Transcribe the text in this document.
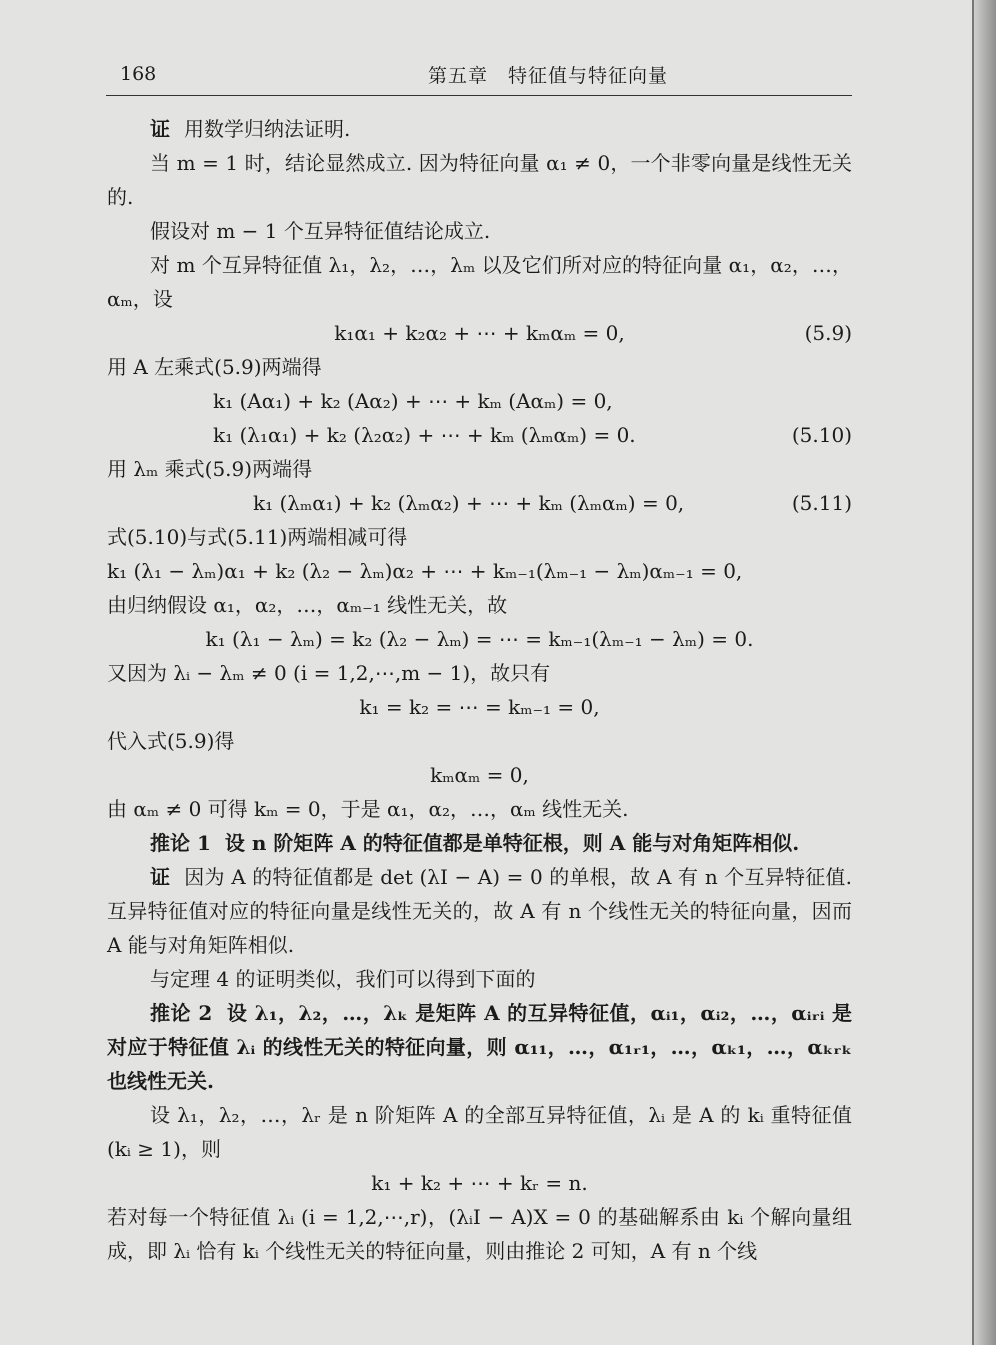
168	第五章　特征值与特征向量
证 用数学归纳法证明.
当 m = 1 时，结论显然成立. 因为特征向量 α₁ ≠ 0，一个非零向量是线性无关的.
假设对 m − 1 个互异特征值结论成立.
对 m 个互异特征值 λ₁，λ₂，…，λₘ 以及它们所对应的特征向量 α₁，α₂，…，αₘ，设
k₁α₁ + k₂α₂ + ⋯ + kₘαₘ = 0,	(5.9)
用 A 左乘式(5.9)两端得
k₁ (Aα₁) + k₂ (Aα₂) + ⋯ + kₘ (Aαₘ) = 0,
k₁ (λ₁α₁) + k₂ (λ₂α₂) + ⋯ + kₘ (λₘαₘ) = 0.	(5.10)
用 λₘ 乘式(5.9)两端得
k₁ (λₘα₁) + k₂ (λₘα₂) + ⋯ + kₘ (λₘαₘ) = 0,	(5.11)
式(5.10)与式(5.11)两端相减可得
k₁ (λ₁ − λₘ)α₁ + k₂ (λ₂ − λₘ)α₂ + ⋯ + kₘ₋₁(λₘ₋₁ − λₘ)αₘ₋₁ = 0,
由归纳假设 α₁，α₂，…，αₘ₋₁ 线性无关，故
k₁ (λ₁ − λₘ) = k₂ (λ₂ − λₘ) = ⋯ = kₘ₋₁(λₘ₋₁ − λₘ) = 0.
又因为 λᵢ − λₘ ≠ 0 (i = 1,2,⋯,m − 1)，故只有
k₁ = k₂ = ⋯ = kₘ₋₁ = 0,
代入式(5.9)得
kₘαₘ = 0,
由 αₘ ≠ 0 可得 kₘ = 0，于是 α₁，α₂，…，αₘ 线性无关.
推论 1 设 n 阶矩阵 A 的特征值都是单特征根，则 A 能与对角矩阵相似.
证 因为 A 的特征值都是 det (λI − A) = 0 的单根，故 A 有 n 个互异特征值. 互异特征值对应的特征向量是线性无关的，故 A 有 n 个线性无关的特征向量，因而 A 能与对角矩阵相似.
与定理 4 的证明类似，我们可以得到下面的
推论 2 设 λ₁，λ₂，…，λₖ 是矩阵 A 的互异特征值，αᵢ₁，αᵢ₂，…，αᵢᵣᵢ 是对应于特征值 λᵢ 的线性无关的特征向量，则 α₁₁，…，α₁ᵣ₁，…，αₖ₁，…，αₖᵣₖ 也线性无关.
设 λ₁，λ₂，…，λᵣ 是 n 阶矩阵 A 的全部互异特征值，λᵢ 是 A 的 kᵢ 重特征值(kᵢ ≥ 1)，则
k₁ + k₂ + ⋯ + kᵣ = n.
若对每一个特征值 λᵢ (i = 1,2,⋯,r)，(λᵢI − A)X = 0 的基础解系由 kᵢ 个解向量组成，即 λᵢ 恰有 kᵢ 个线性无关的特征向量，则由推论 2 可知，A 有 n 个线
